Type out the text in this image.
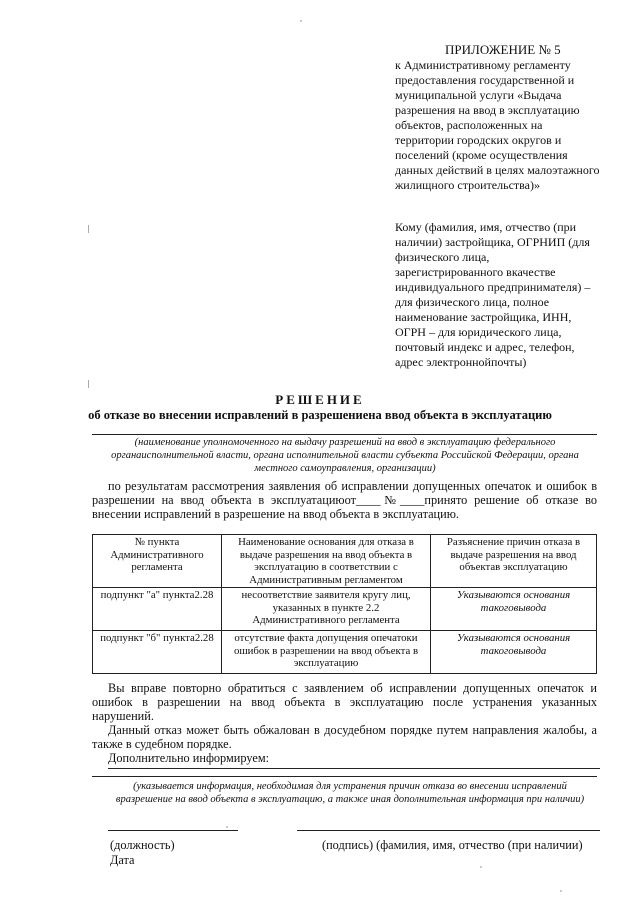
ПРИЛОЖЕНИЕ № 5

к Административному регламенту предоставления государственной и муниципальной услуги «Выдача разрешения на ввод в эксплуатацию объектов, расположенных на территории городских округов и поселений (кроме осуществления данных действий в целях малоэтажного жилищного строительства)»

Кому (фамилия, имя, отчество (при наличии) застройщика, ОГРНИП (для физического лица, зарегистрированного вкачестве индивидуального предпринимателя) – для физического лица, полное наименование застройщика, ИНН, ОГРН – для юридического лица, почтовый индекс и адрес, телефон, адрес электроннойпочты)

РЕШЕНИЕ
об отказе во внесении исправлений в разрешениена ввод объекта в эксплуатацию
(наименование уполномоченного на выдачу разрешений на ввод в эксплуатацию федерального органаисполнительной власти, органа исполнительной власти субъекта Российской Федерации, органа местного самоуправления, организации)

по результатам рассмотрения заявления об исправлении допущенных опечаток и ошибок в разрешении на ввод объекта в эксплуатациюот____№____принято решение об отказе во внесении исправлений в разрешение на ввод объекта в эксплуатацию.

№ пункта Административного регламента	Наименование основания для отказа в выдаче разрешения на ввод объекта в эксплуатацию в соответствии с Административным регламентом	Разъяснение причин отказа в выдаче разрешения на ввод объектав эксплуатацию
подпункт "а" пункта2.28	несоответствие заявителя кругу лиц, указанных в пункте 2.2 Административного регламента	Указываются основания такоговывода
подпункт "б" пункта2.28	отсутствие факта допущения опечатоки ошибок в разрешении на ввод объекта в эксплуатацию	Указываются основания такоговывода

Вы вправе повторно обратиться с заявлением об исправлении допущенных опечаток и ошибок в разрешении на ввод объекта в эксплуатацию после устранения указанных нарушений.

Данный отказ может быть обжалован в досудебном порядке путем направления жалобы, а также в судебном порядке.

Дополнительно информируем:

(указывается информация, необходимая для устранения причин отказа во внесении исправлений вразрешение на ввод объекта в эксплуатацию, а также иная дополнительная информация при наличии)
(должность)	(подпись) (фамилия, имя, отчество (при наличии)
Дата
